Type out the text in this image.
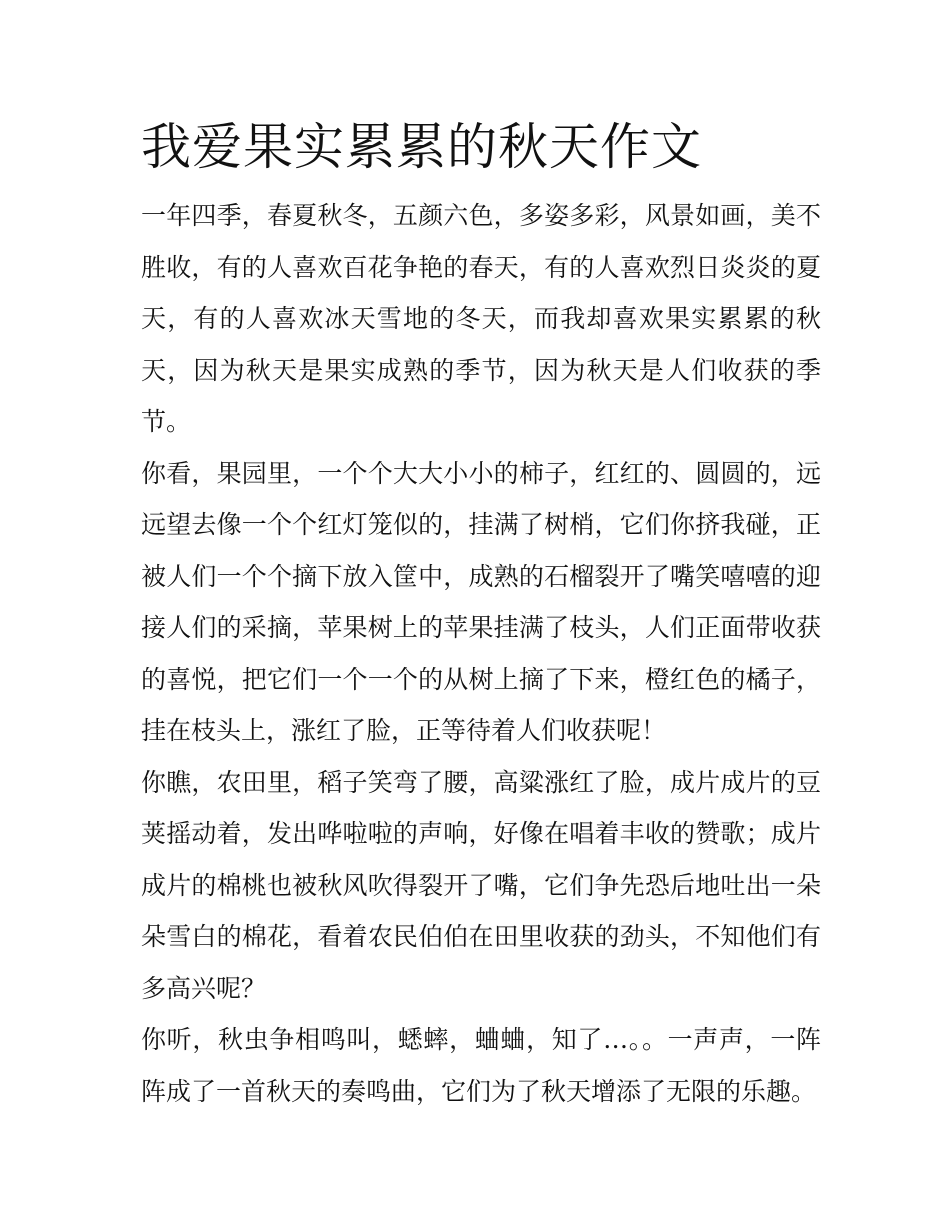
我爱果实累累的秋天作文

一年四季，春夏秋冬，五颜六色，多姿多彩，风景如画，美不胜收，有的人喜欢百花争艳的春天，有的人喜欢烈日炎炎的夏天，有的人喜欢冰天雪地的冬天，而我却喜欢果实累累的秋天，因为秋天是果实成熟的季节，因为秋天是人们收获的季节。

你看，果园里，一个个大大小小的柿子，红红的、圆圆的，远远望去像一个个红灯笼似的，挂满了树梢，它们你挤我碰，正被人们一个个摘下放入筐中，成熟的石榴裂开了嘴笑嘻嘻的迎接人们的采摘，苹果树上的苹果挂满了枝头，人们正面带收获的喜悦，把它们一个一个的从树上摘了下来，橙红色的橘子，挂在枝头上，涨红了脸，正等待着人们收获呢！

你瞧，农田里，稻子笑弯了腰，高粱涨红了脸，成片成片的豆荚摇动着，发出哗啦啦的声响，好像在唱着丰收的赞歌；成片成片的棉桃也被秋风吹得裂开了嘴，它们争先恐后地吐出一朵朵雪白的棉花，看着农民伯伯在田里收获的劲头，不知他们有多高兴呢？

你听，秋虫争相鸣叫，蟋蟀，蛐蛐，知了…。。一声声，一阵阵成了一首秋天的奏鸣曲，它们为了秋天增添了无限的乐趣。
